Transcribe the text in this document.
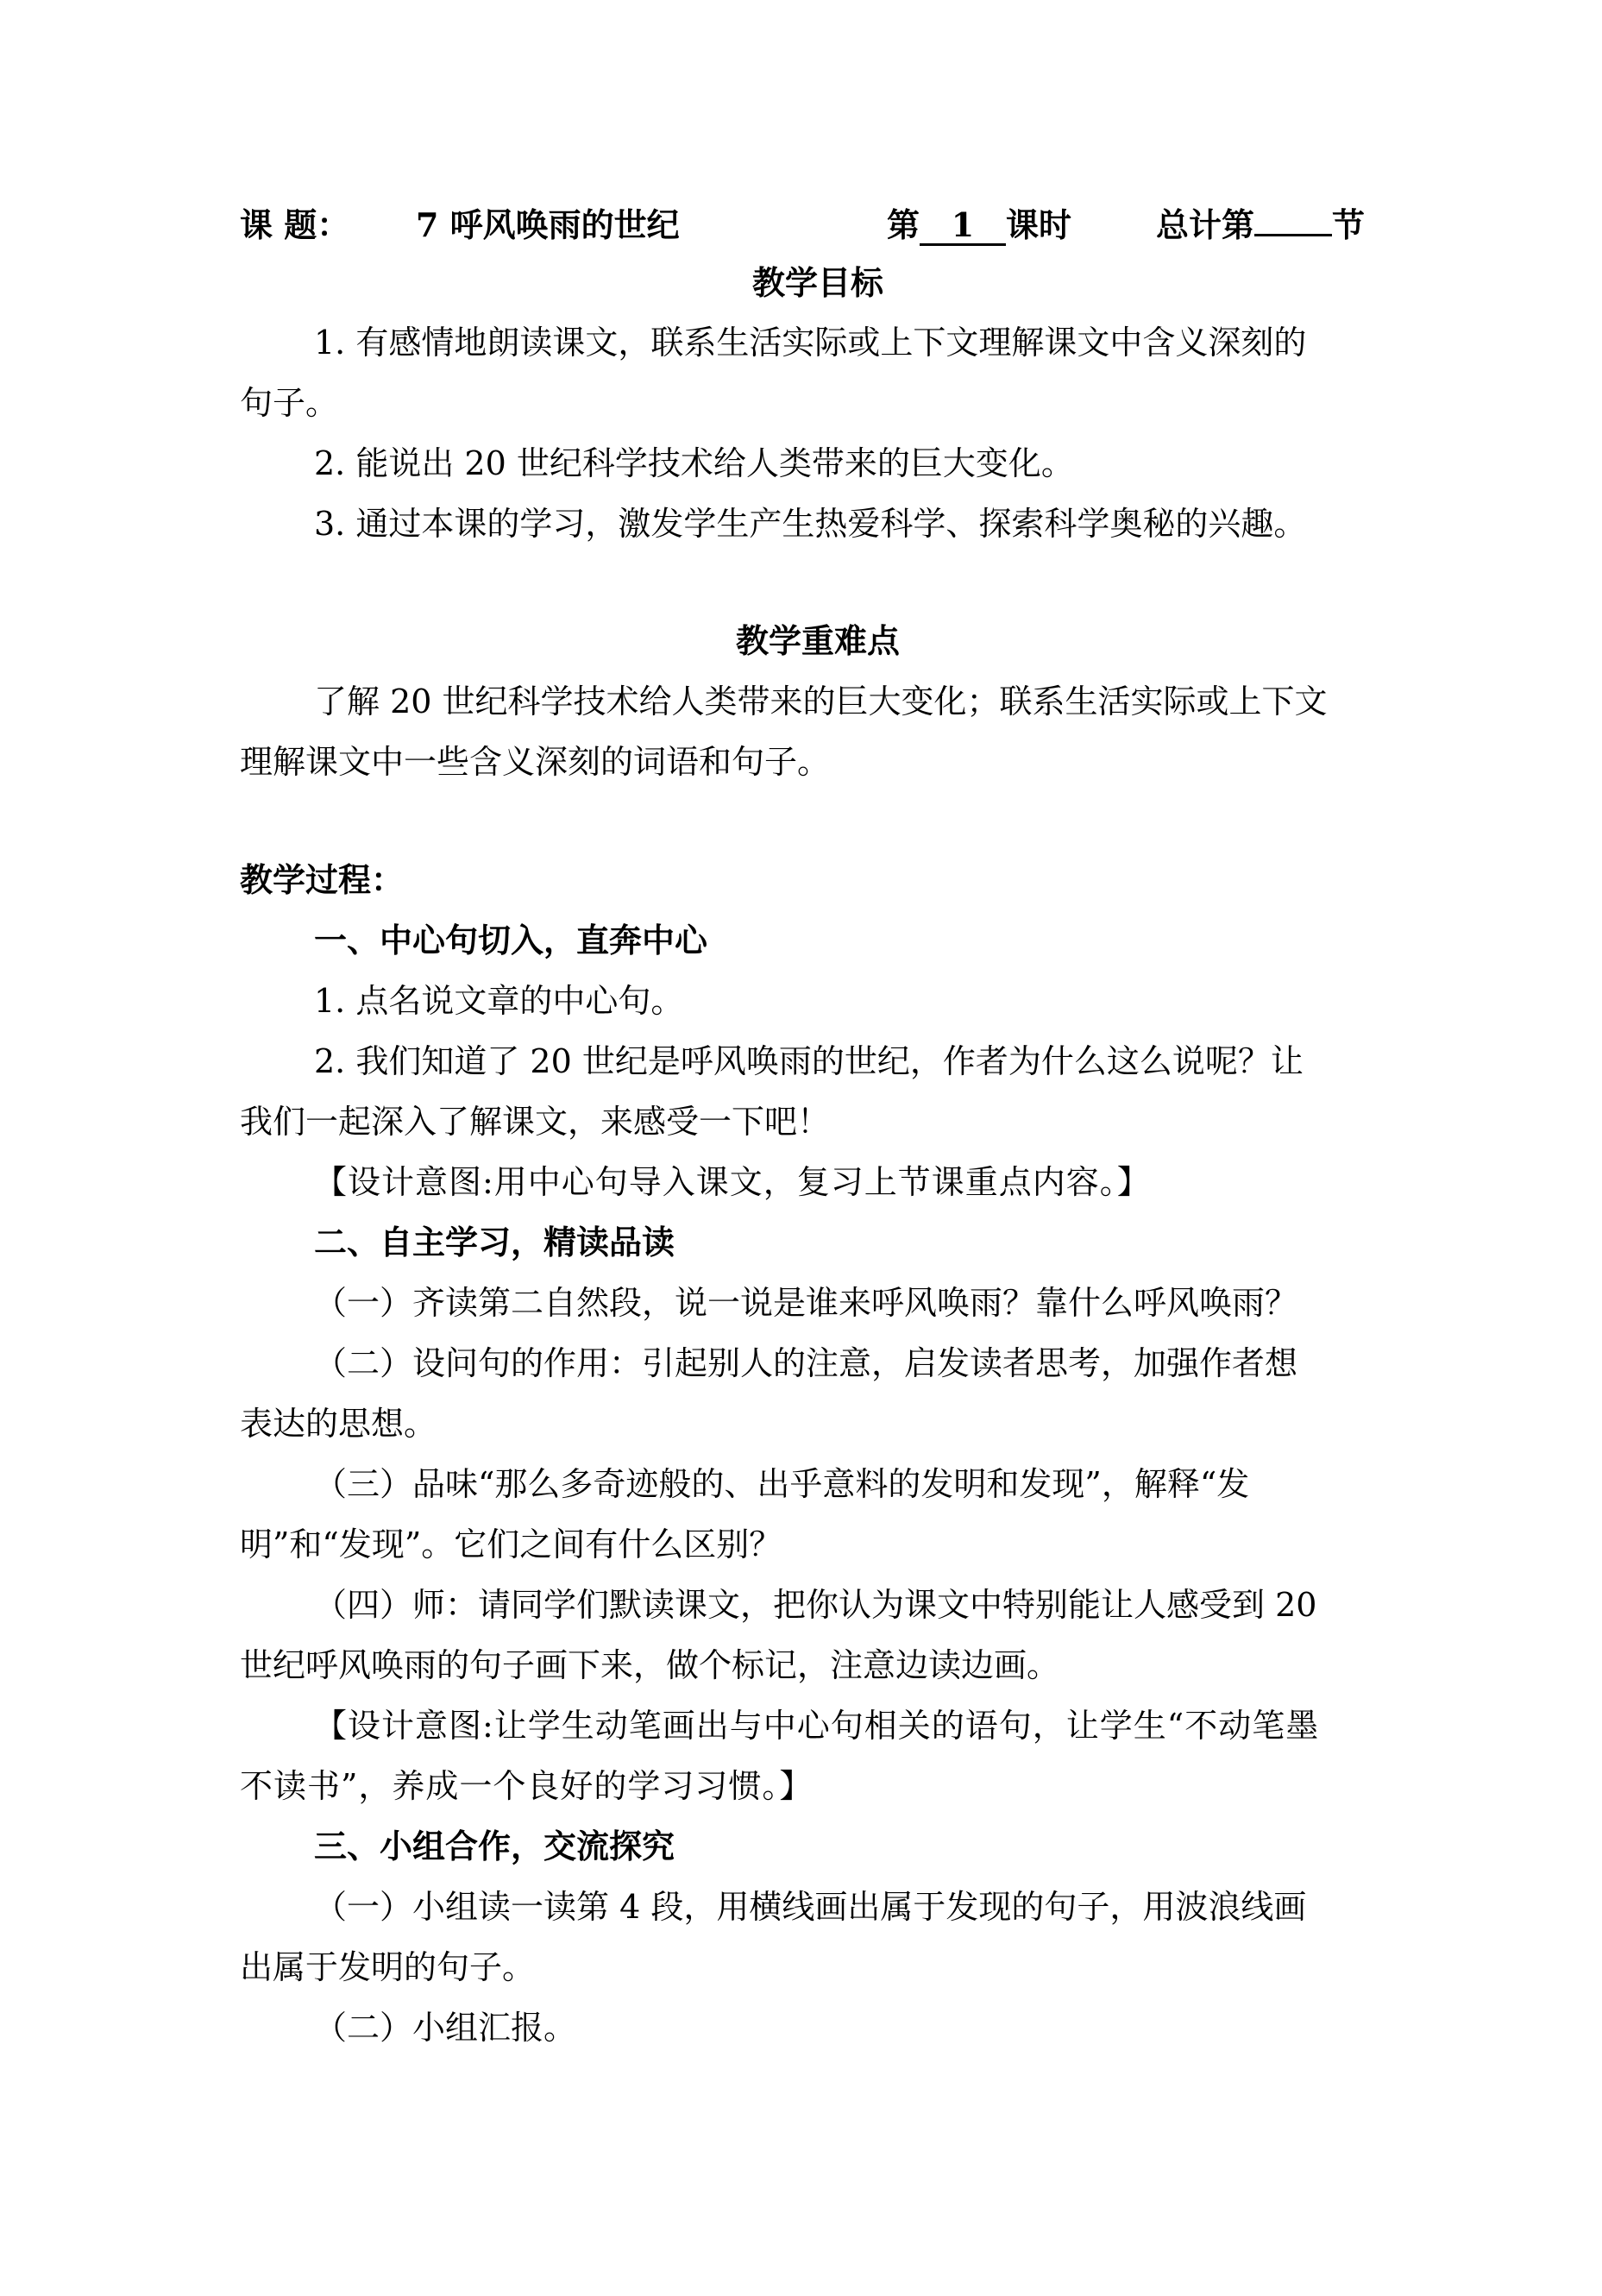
课 题： 7 呼风唤雨的世纪	第 1 课时	总计第 节
教学目标
1. 有感情地朗读课文，联系生活实际或上下文理解课文中含义深刻的
句子。
2. 能说出 20 世纪科学技术给人类带来的巨大变化。
3. 通过本课的学习，激发学生产生热爱科学、探索科学奥秘的兴趣。
教学重难点
了解 20 世纪科学技术给人类带来的巨大变化；联系生活实际或上下文
理解课文中一些含义深刻的词语和句子。
教学过程：
一、中心句切入，直奔中心
1. 点名说文章的中心句。
2. 我们知道了 20 世纪是呼风唤雨的世纪，作者为什么这么说呢？让
我们一起深入了解课文，来感受一下吧！
【设计意图:用中心句导入课文，复习上节课重点内容。】
二、自主学习，精读品读
（一）齐读第二自然段，说一说是谁来呼风唤雨？靠什么呼风唤雨？
（二）设问句的作用：引起别人的注意，启发读者思考，加强作者想
表达的思想。
（三）品味“那么多奇迹般的、出乎意料的发明和发现”，解释“发
明”和“发现”。它们之间有什么区别？
（四）师：请同学们默读课文，把你认为课文中特别能让人感受到 20
世纪呼风唤雨的句子画下来，做个标记，注意边读边画。
【设计意图:让学生动笔画出与中心句相关的语句，让学生“不动笔墨
不读书”，养成一个良好的学习习惯。】
三、小组合作，交流探究
（一）小组读一读第 4 段，用横线画出属于发现的句子，用波浪线画
出属于发明的句子。
（二）小组汇报。
